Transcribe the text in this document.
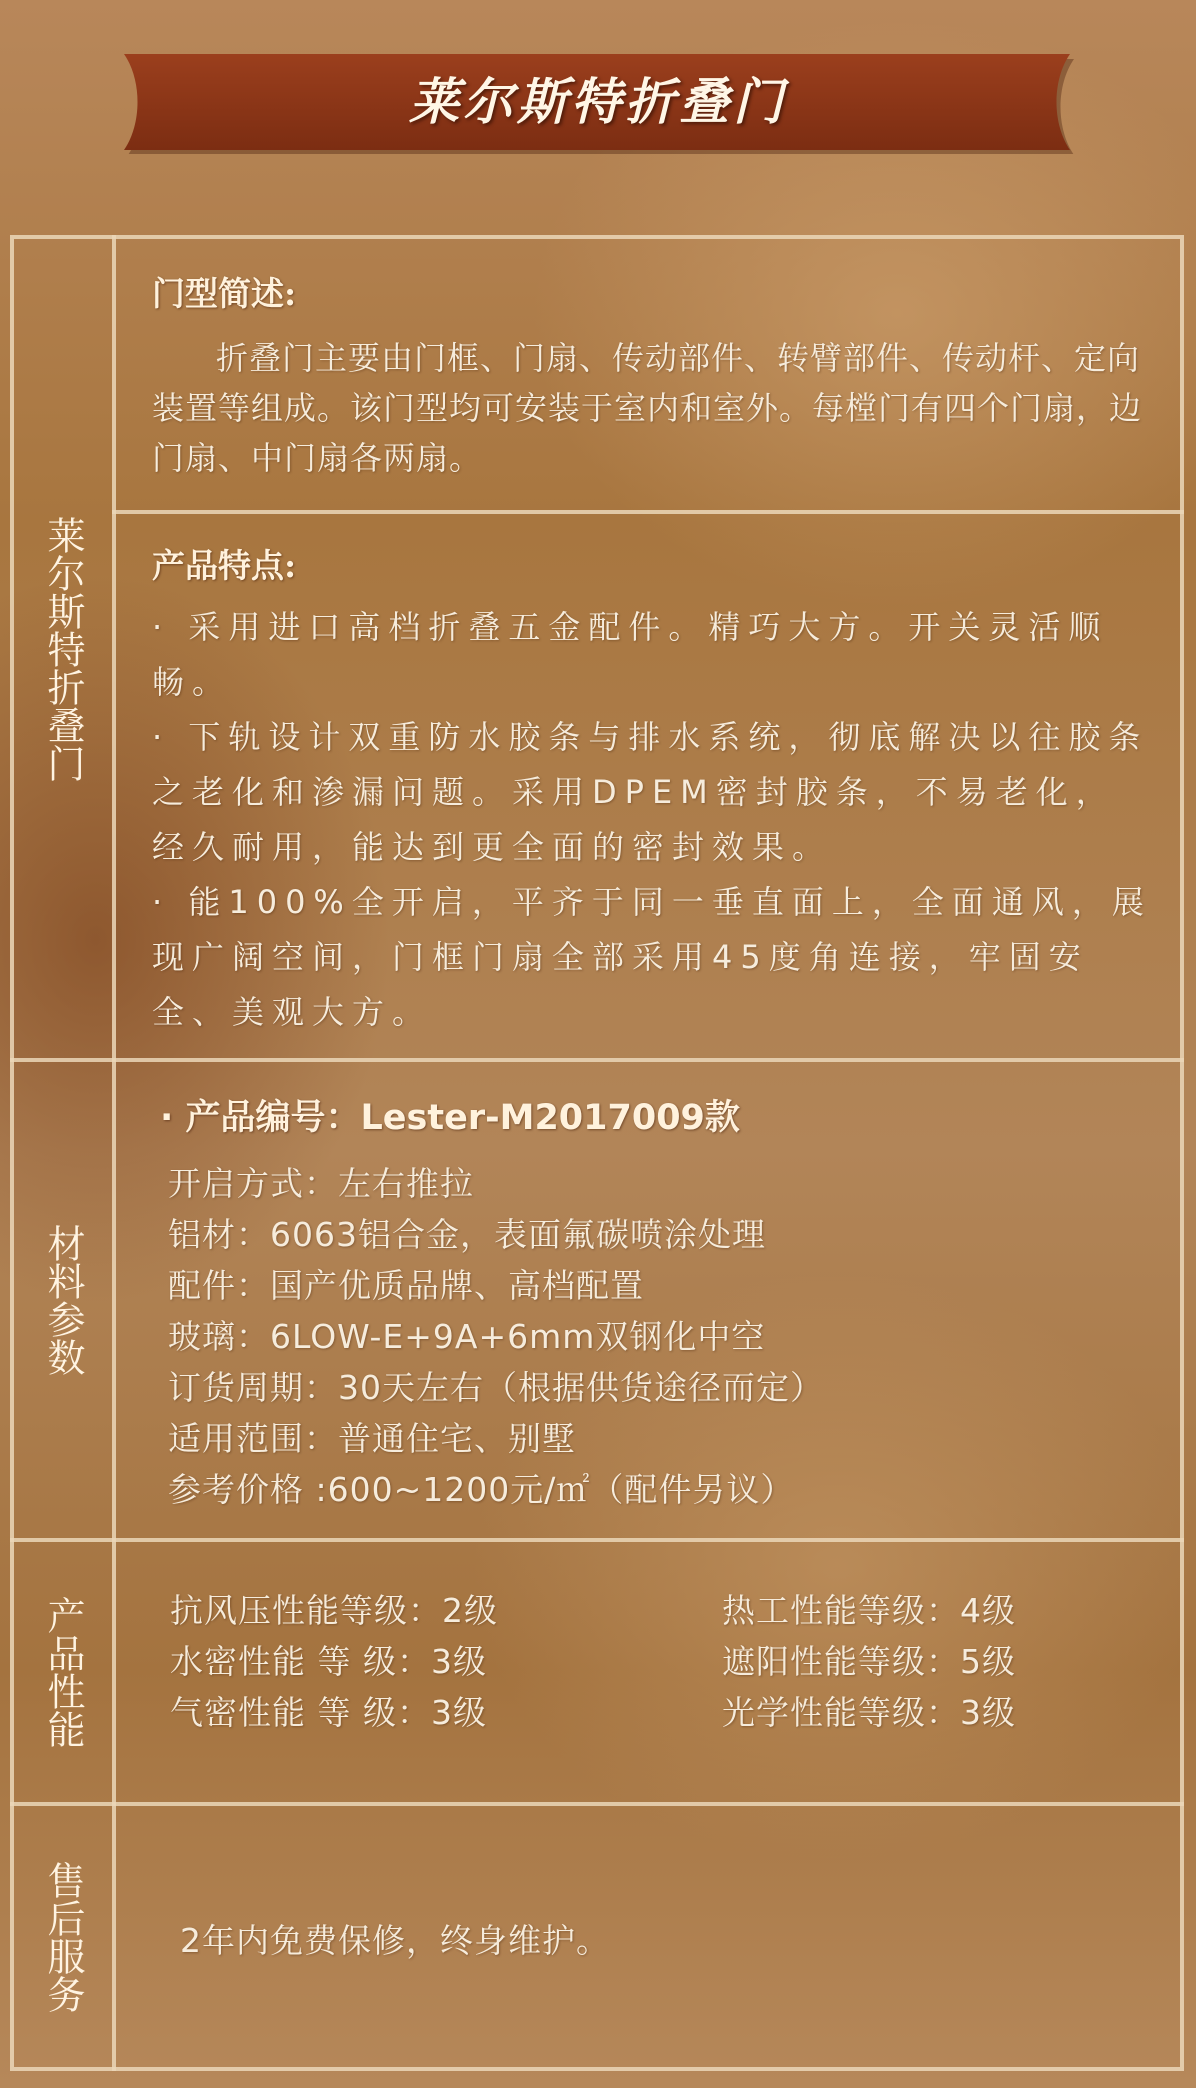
莱尔斯特折叠门
莱尔斯特折叠门
材料参数
产品性能
售后服务
门型简述:
折叠门主要由门框、门扇、传动部件、转臂部件、传动杆、定向装置等组成。该门型均可安装于室内和室外。每樘门有四个门扇，边门扇、中门扇各两扇。
产品特点:

· 采用进口高档折叠五金配件。精巧大方。开关灵活顺畅。

· 下轨设计双重防水胶条与排水系统，彻底解决以往胶条之老化和渗漏问题。采用DPEM密封胶条，不易老化，经久耐用，能达到更全面的密封效果。

· 能100%全开启，平齐于同一垂直面上，全面通风，展现广阔空间，门框门扇全部采用45度角连接，牢固安全、美观大方。

· 产品编号：Lester-M2017009款
开启方式：左右推拉
铝材：6063铝合金，表面氟碳喷涂处理
配件：国产优质品牌、高档配置
玻璃：6LOW-E+9A+6mm双钢化中空
订货周期：30天左右（根据供货途径而定）
适用范围：普通住宅、别墅
参考价格 :600~1200元/㎡（配件另议）
抗风压性能等级：2级
水密性能 等 级：3级
气密性能 等 级：3级
热工性能等级：4级
遮阳性能等级：5级
光学性能等级：3级
2年内免费保修，终身维护。
